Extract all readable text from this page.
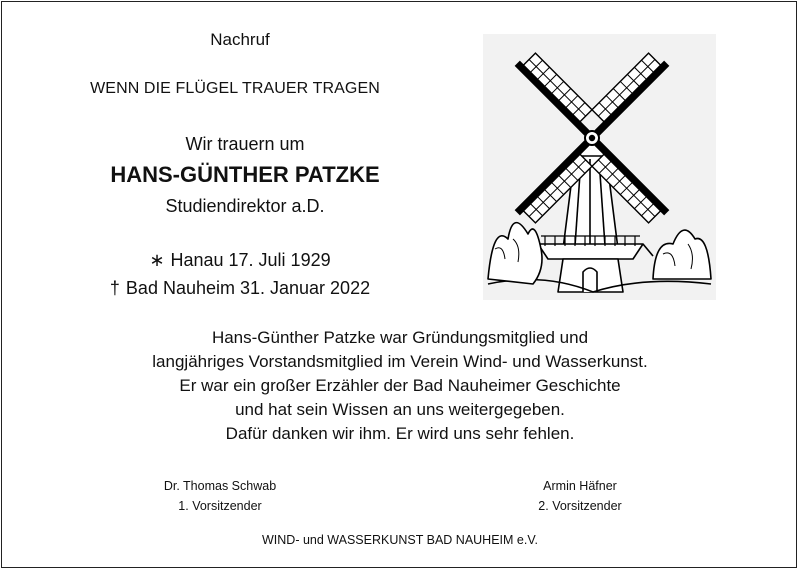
Nachruf
WENN DIE FLÜGEL TRAUER TRAGEN
Wir trauern um
HANS-GÜNTHER PATZKE
Studiendirektor a.D.
∗ Hanau 17. Juli 1929
† Bad Nauheim 31. Januar 2022
Hans-Günther Patzke war Gründungsmitglied und
langjähriges Vorstandsmitglied im Verein Wind- und Wasserkunst.
Er war ein großer Erzähler der Bad Nauheimer Geschichte
und hat sein Wissen an uns weitergegeben.
Dafür danken wir ihm. Er wird uns sehr fehlen.
Dr. Thomas Schwab
1. Vorsitzender
Armin Häfner
2. Vorsitzender
WIND- und WASSERKUNST BAD NAUHEIM e.V.
